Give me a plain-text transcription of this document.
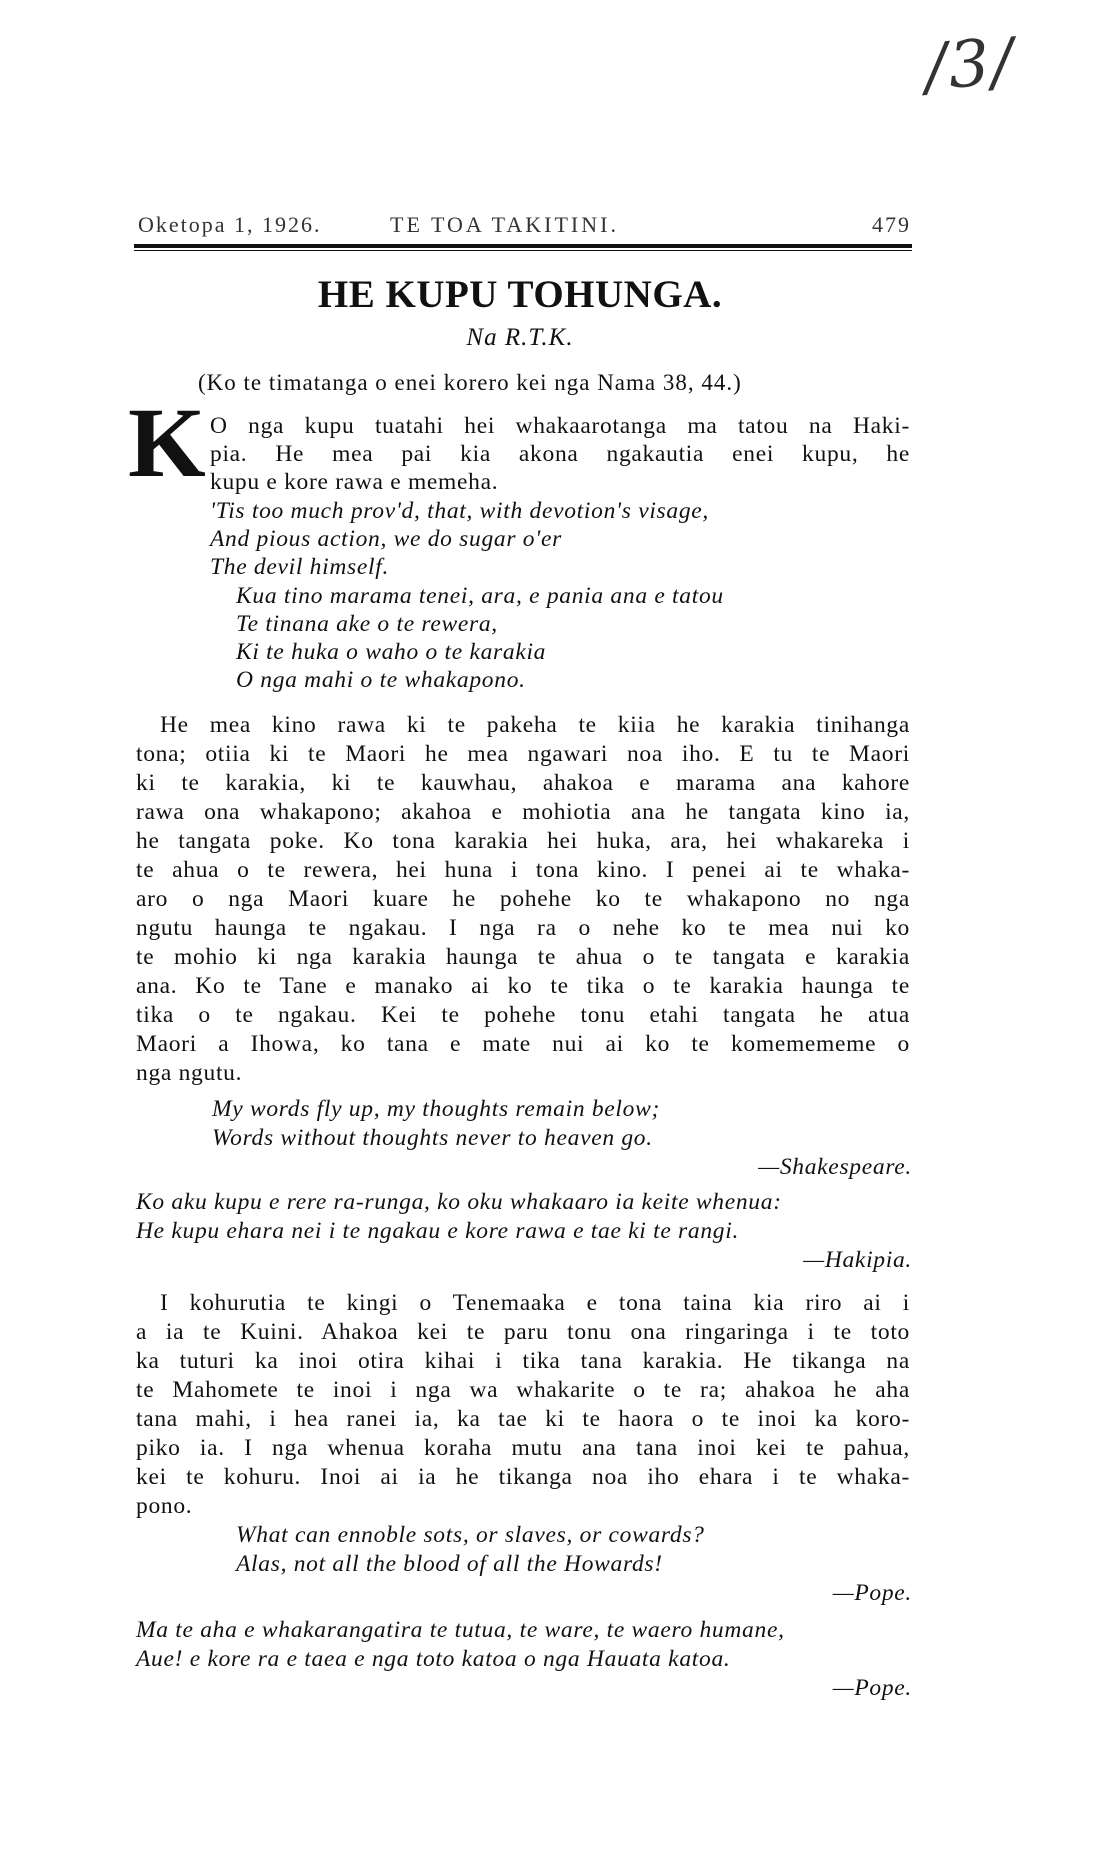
/3/
Oketopa 1, 1926.	TE TOA TAKITINI.	479
HE KUPU TOHUNGA.
Na R.T.K.
(Ko te timatanga o enei korero kei nga Nama 38, 44.)
K O nga kupu tuatahi hei whakaarotanga ma tatou na Haki-
pia. He mea pai kia akona ngakautia enei kupu, he
kupu e kore rawa e memeha.
'Tis too much prov'd, that, with devotion's visage,
And pious action, we do sugar o'er
The devil himself.
Kua tino marama tenei, ara, e pania ana e tatou
Te tinana ake o te rewera,
Ki te huka o waho o te karakia
O nga mahi o te whakapono.
He mea kino rawa ki te pakeha te kiia he karakia tinihanga
tona; otiia ki te Maori he mea ngawari noa iho. E tu te Maori
ki te karakia, ki te kauwhau, ahakoa e marama ana kahore
rawa ona whakapono; akahoa e mohiotia ana he tangata kino ia,
he tangata poke. Ko tona karakia hei huka, ara, hei whakareka i
te ahua o te rewera, hei huna i tona kino. I penei ai te whaka-
aro o nga Maori kuare he pohehe ko te whakapono no nga
ngutu haunga te ngakau. I nga ra o nehe ko te mea nui ko
te mohio ki nga karakia haunga te ahua o te tangata e karakia
ana. Ko te Tane e manako ai ko te tika o te karakia haunga te
tika o te ngakau. Kei te pohehe tonu etahi tangata he atua
Maori a Ihowa, ko tana e mate nui ai ko te komemememe o
nga ngutu.
My words fly up, my thoughts remain below;
Words without thoughts never to heaven go.
—Shakespeare.
Ko aku kupu e rere ra-runga, ko oku whakaaro ia keite whenua:
He kupu ehara nei i te ngakau e kore rawa e tae ki te rangi.
—Hakipia.
I kohurutia te kingi o Tenemaaka e tona taina kia riro ai i
a ia te Kuini. Ahakoa kei te paru tonu ona ringaringa i te toto
ka tuturi ka inoi otira kihai i tika tana karakia. He tikanga na
te Mahomete te inoi i nga wa whakarite o te ra; ahakoa he aha
tana mahi, i hea ranei ia, ka tae ki te haora o te inoi ka koro-
piko ia. I nga whenua koraha mutu ana tana inoi kei te pahua,
kei te kohuru. Inoi ai ia he tikanga noa iho ehara i te whaka-
pono.
What can ennoble sots, or slaves, or cowards?
Alas, not all the blood of all the Howards!
—Pope.
Ma te aha e whakarangatira te tutua, te ware, te waero humane,
Aue! e kore ra e taea e nga toto katoa o nga Hauata katoa.
—Pope.
